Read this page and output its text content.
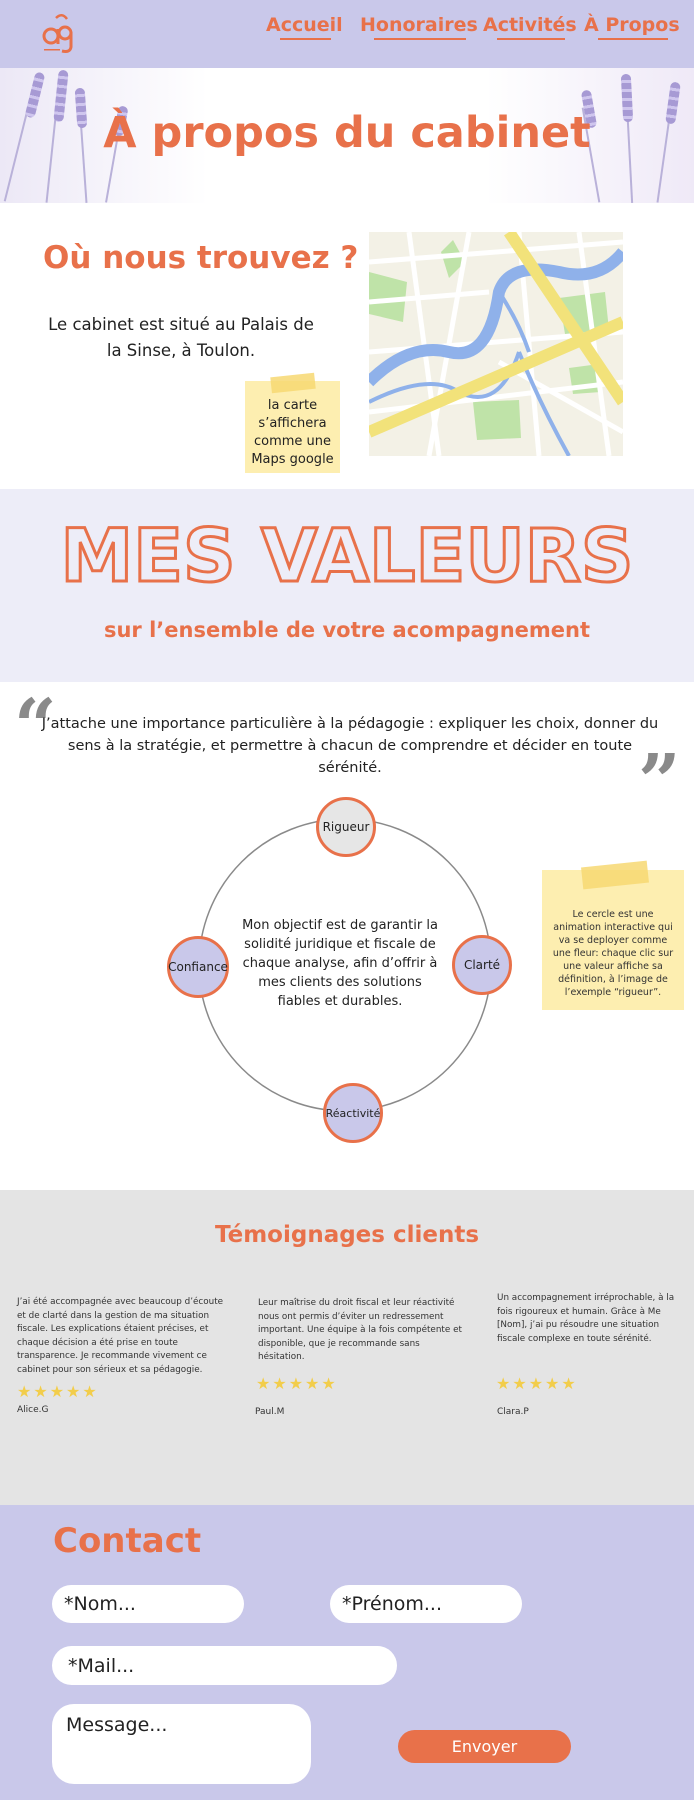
Accueil Honoraires Activités À Propos
À propos du cabinet
Où nous trouvez ?

Le cabinet est situé au Palais de la Sinse, à Toulon.

la carte s’affichera comme une Maps google
MES VALEURS
sur l’ensemble de votre acompagnement
“

J’attache une importance particulière à la pédagogie : expliquer les choix, donner du sens à la stratégie, et permettre à chacun de comprendre et décider en toute sérénité.	”

Mon objectif est de garantir la solidité juridique et fiscale de chaque analyse, afin d’offrir à mes clients des solutions fiables et durables.

Rigueur
Clarté
Réactivité
Confiance
Le cercle est une animation interactive qui va se deployer comme une fleur: chaque clic sur une valeur affiche sa définition, à l’image de l’exemple “rigueur”.
Témoignages clients

J’ai été accompagnée avec beaucoup d’écoute et de clarté dans la gestion de ma situation fiscale. Les explications étaient précises, et chaque décision a été prise en toute transparence. Je recommande vivement ce cabinet pour son sérieux et sa pédagogie.

★★★★★
Alice.G

Leur maîtrise du droit fiscal et leur réactivité nous ont permis d’éviter un redressement important. Une équipe à la fois compétente et disponible, que je recommande sans hésitation.

★★★★★
Paul.M

Un accompagnement irréprochable, à la fois rigoureux et humain. Grâce à Me [Nom], j’ai pu résoudre une situation fiscale complexe en toute sérénité.

★★★★★
Clara.P
Contact
*Nom...
*Prénom...
*Mail...
Message...
Envoyer
